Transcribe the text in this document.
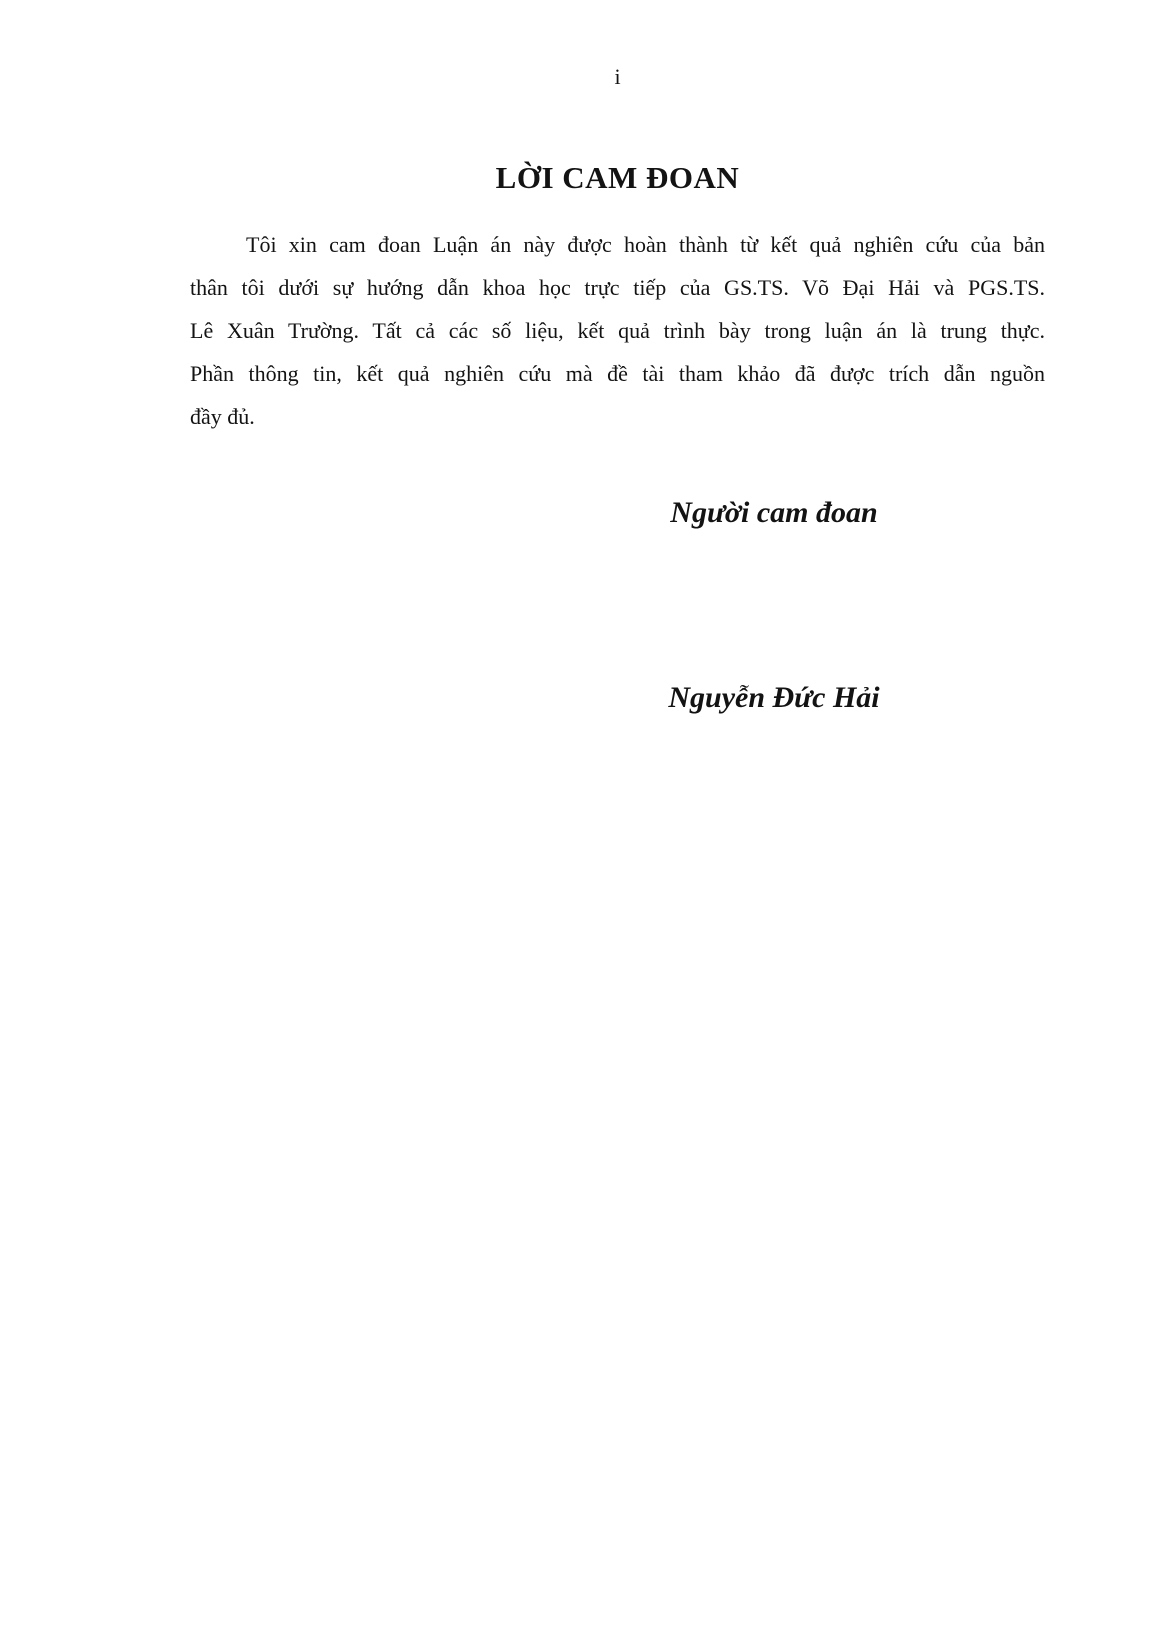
i
LỜI CAM ĐOAN

Tôi xin cam đoan Luận án này được hoàn thành từ kết quả nghiên cứu của bản

thân tôi dưới sự hướng dẫn khoa học trực tiếp của GS.TS. Võ Đại Hải và PGS.TS.

Lê Xuân Trường. Tất cả các số liệu, kết quả trình bày trong luận án là trung thực.

Phần thông tin, kết quả nghiên cứu mà đề tài tham khảo đã được trích dẫn nguồn

đầy đủ.

Người cam đoan
Nguyễn Đức Hải
